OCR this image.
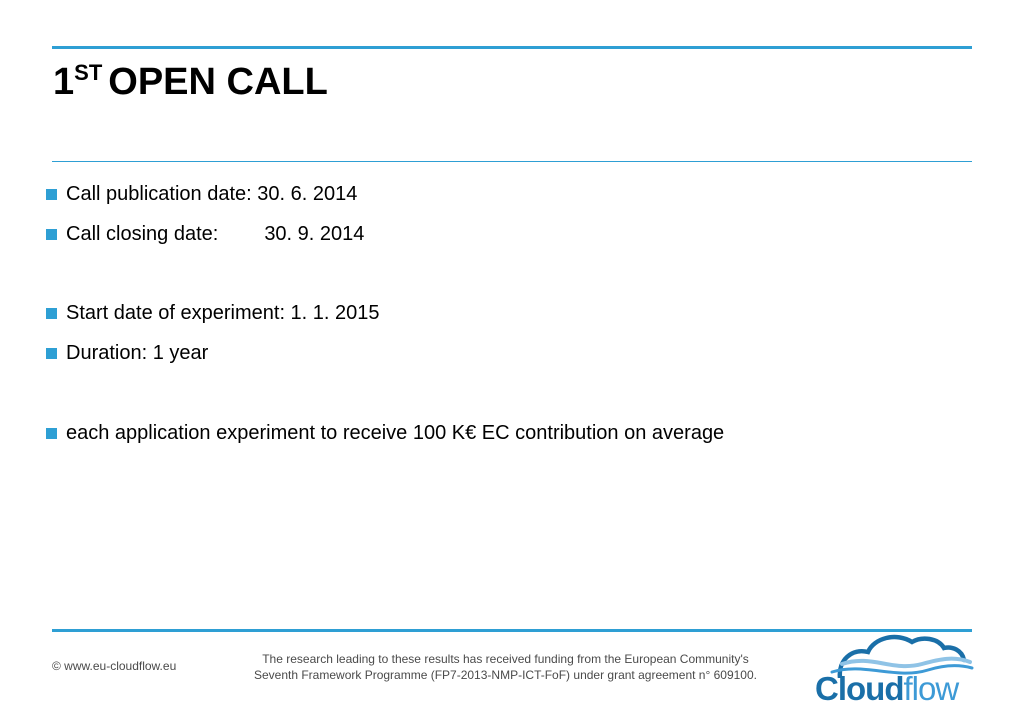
1ST OPEN CALL
Call publication date:
30. 6. 2014
Call closing date: 30. 9. 2014
Start date of experiment: 1. 1. 2015
Duration: 1 year
each application experiment to receive 100 K€ EC contribution on average
© www.eu-cloudflow.eu	The research leading to these results has received funding from the European Community's
Seventh Framework Programme (FP7-2013-NMP-ICT-FoF) under grant agreement n° 609100.	Cloudflow
